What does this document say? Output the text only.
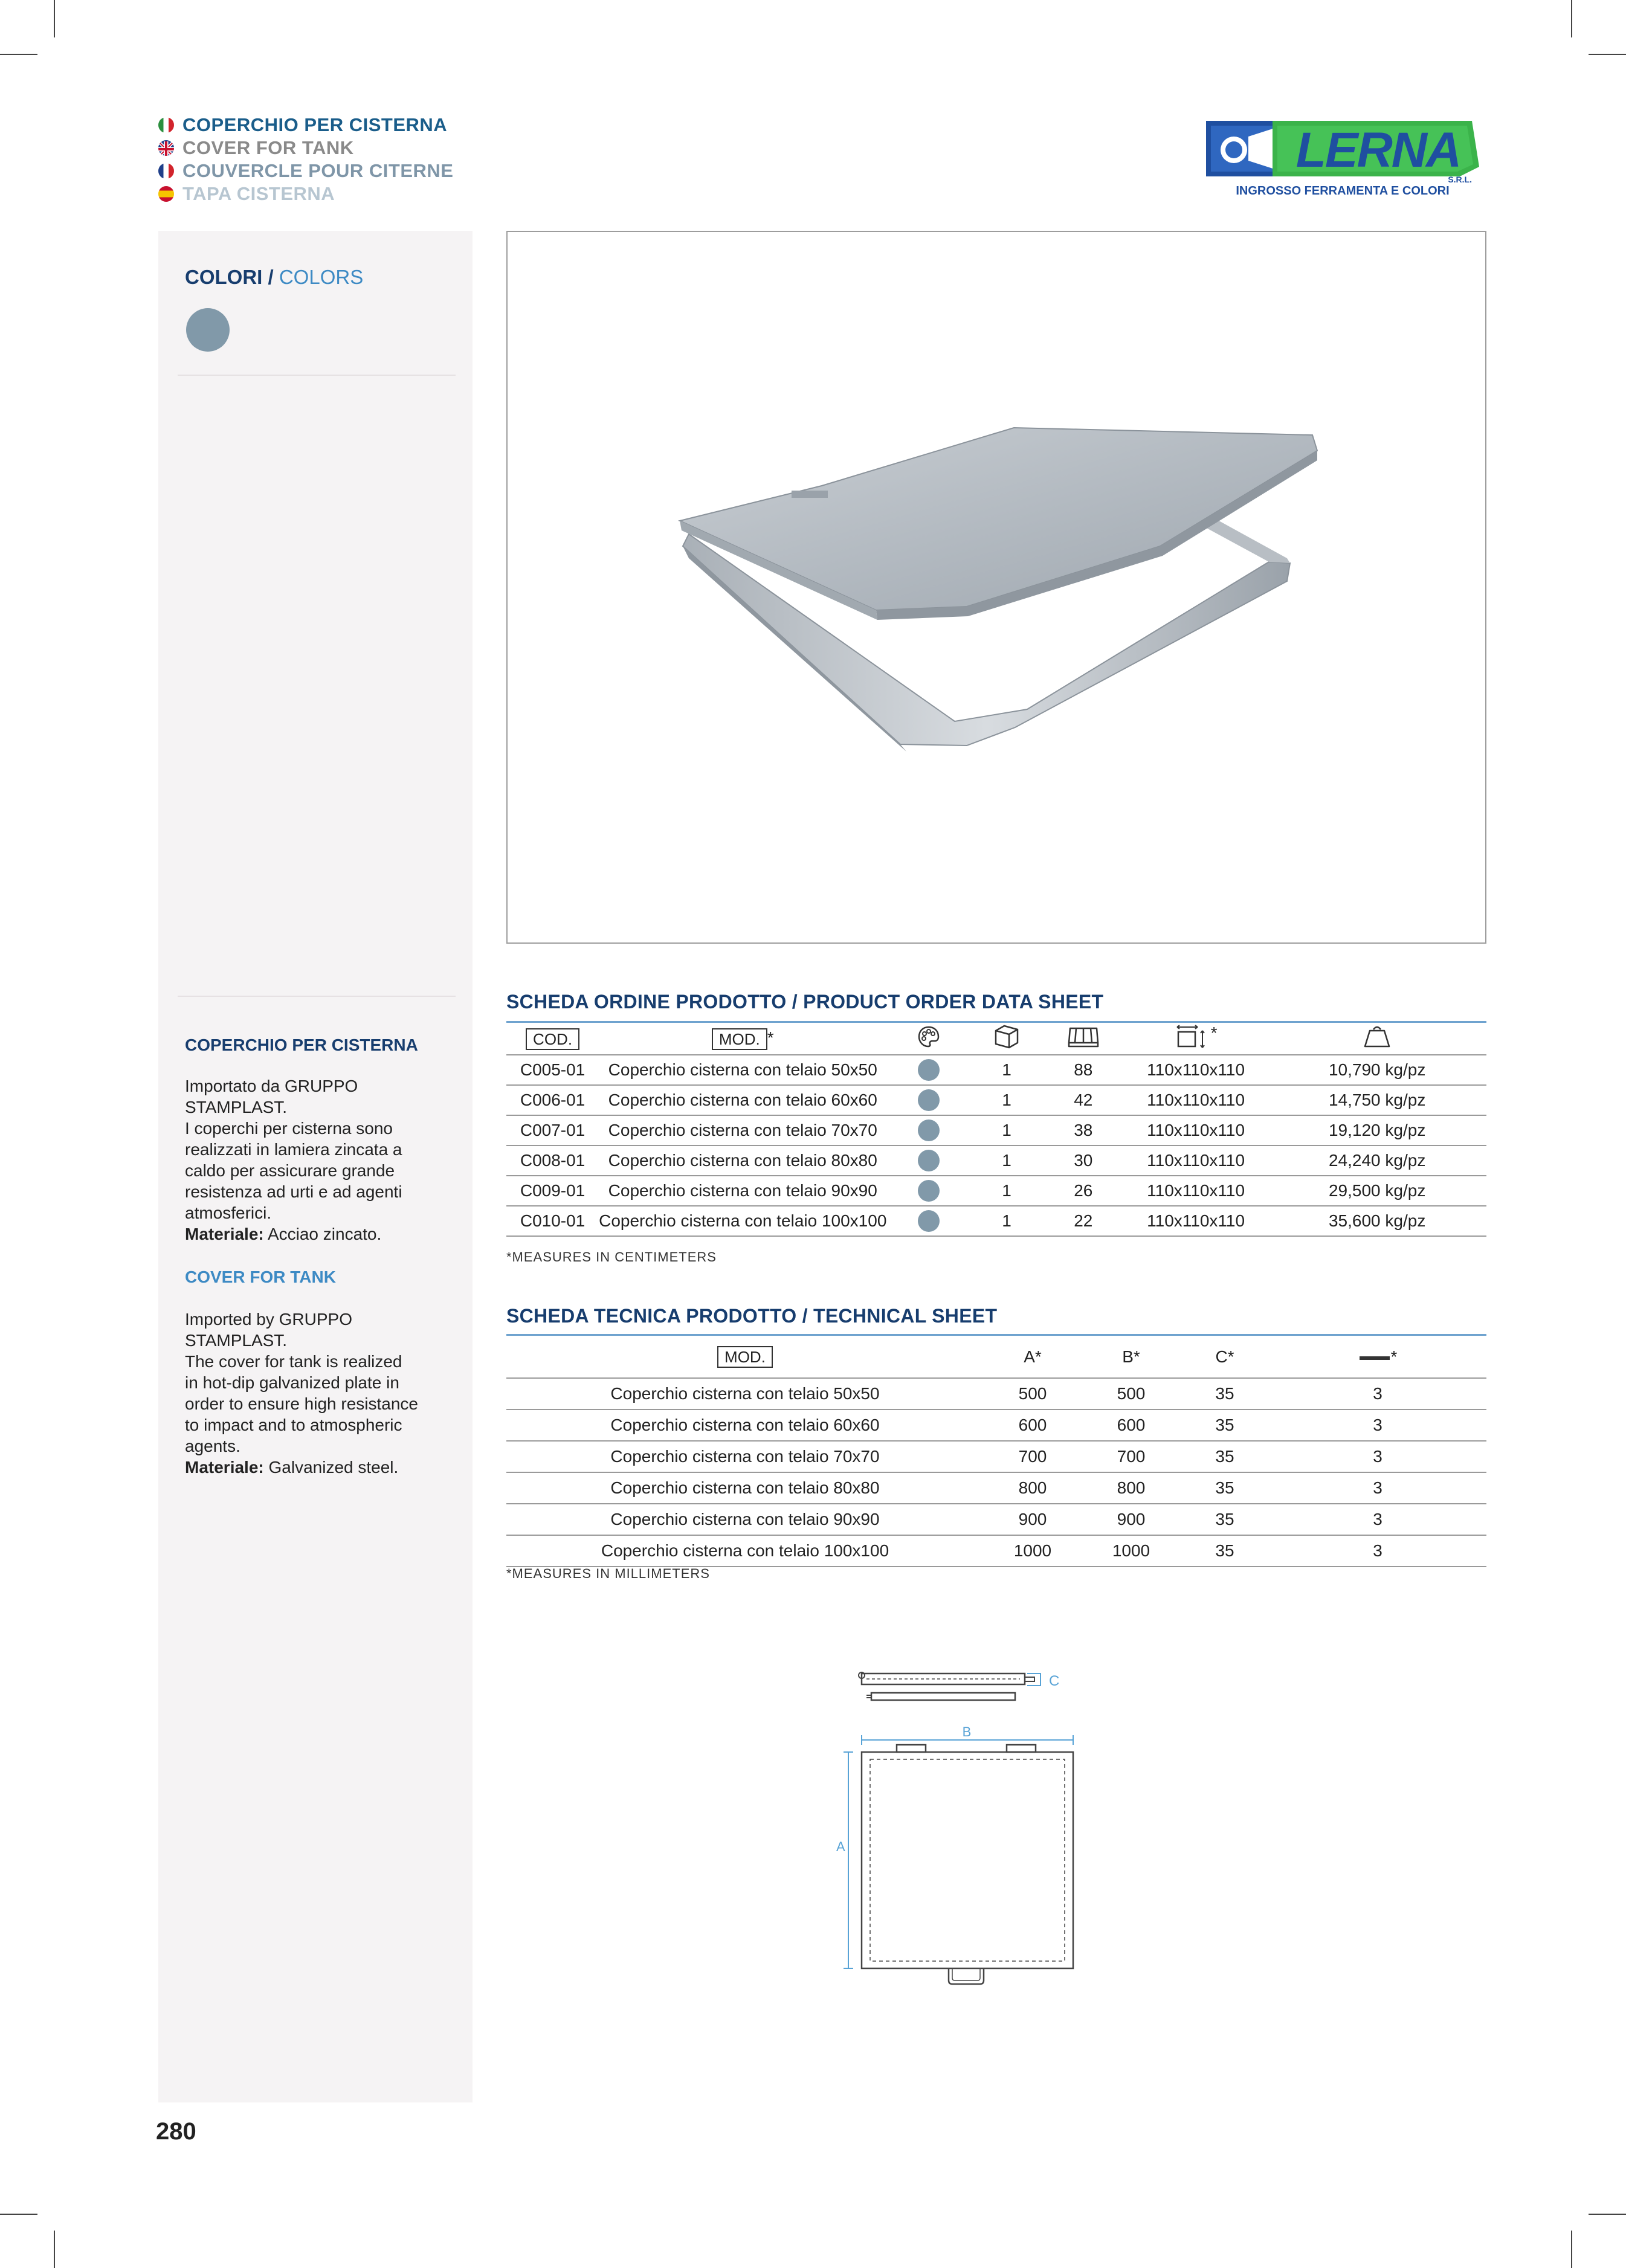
COPERCHIO PER CISTERNA
COVER FOR TANK
COUVERCLE POUR CITERNE
TAPA CISTERNA
LERNA
S.R.L.
INGROSSO FERRAMENTA E COLORI
COLORI / COLORS
COPERCHIO PER CISTERNA
Importato da GRUPPO
STAMPLAST.
I coperchi per cisterna sono
realizzati in lamiera zincata a
caldo per assicurare grande
resistenza ad urti e ad agenti
atmosferici.
Materiale: Acciao zincato.
COVER FOR TANK
Imported by GRUPPO
STAMPLAST.
The cover for tank is realized
in hot-dip galvanized plate in
order to ensure high resistance
to impact and to atmospheric
agents.
Materiale: Galvanized steel.
SCHEDA ORDINE PRODOTTO / PRODUCT ORDER DATA SHEET
COD.	MOD. *				*	
C005-01	Coperchio cisterna con telaio 50x50		1	88	110x110x110	10,790 kg/pz
C006-01	Coperchio cisterna con telaio 60x60		1	42	110x110x110	14,750 kg/pz
C007-01	Coperchio cisterna con telaio 70x70		1	38	110x110x110	19,120 kg/pz
C008-01	Coperchio cisterna con telaio 80x80		1	30	110x110x110	24,240 kg/pz
C009-01	Coperchio cisterna con telaio 90x90		1	26	110x110x110	29,500 kg/pz
C010-01	Coperchio cisterna con telaio 100x100		1	22	110x110x110	35,600 kg/pz
*MEASURES IN CENTIMETERS
SCHEDA TECNICA PRODOTTO / TECHNICAL SHEET
MOD.	A*	B*	C*	*
Coperchio cisterna con telaio 50x50	500	500	35	3
Coperchio cisterna con telaio 60x60	600	600	35	3
Coperchio cisterna con telaio 70x70	700	700	35	3
Coperchio cisterna con telaio 80x80	800	800	35	3
Coperchio cisterna con telaio 90x90	900	900	35	3
Coperchio cisterna con telaio 100x100	1000	1000	35	3
*MEASURES IN MILLIMETERS
C
B
A
280
